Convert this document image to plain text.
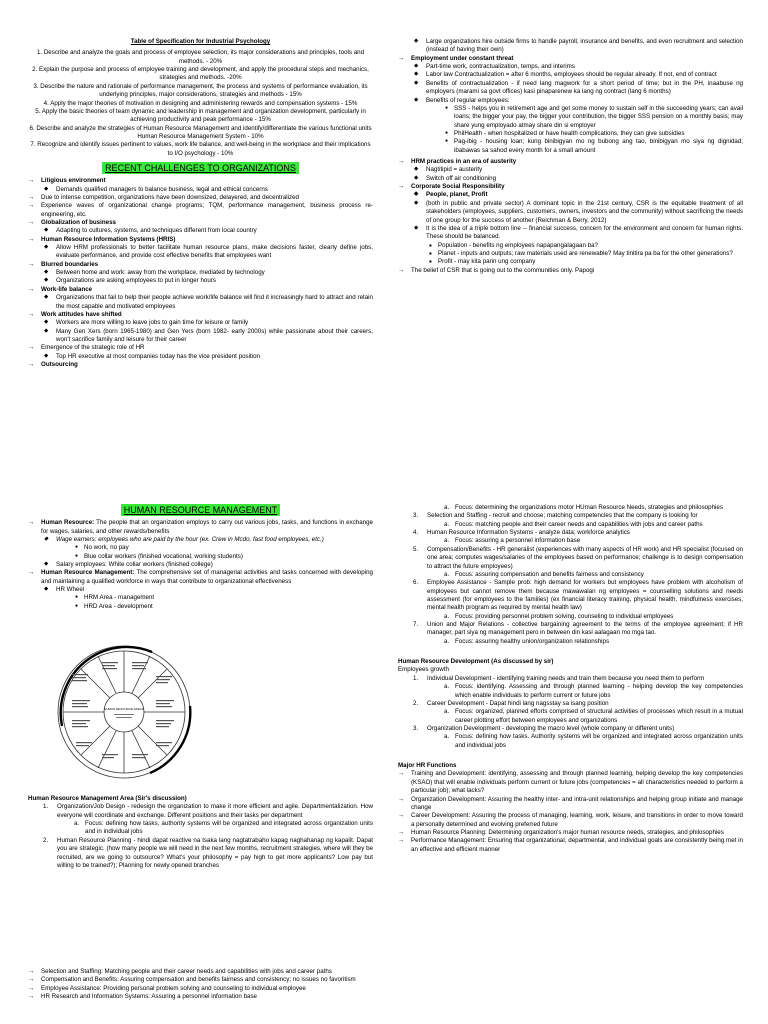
Table of Specification for Industrial Psychology
1. Describe and analyze the goals and process of employee selection, its major considerations and principles, tools and methods. - 20%
2. Explain the purpose and process of employee training and development, and apply the procedural steps and mechanics, strategies and methods. -20%
3. Describe the nature and rationale of performance management, the process and systems of performance evaluation, its underlying principles, major considerations, strategies and methods - 15%
4. Apply the major theories of motivation in designing and administering rewards and compensation systems - 15%
5. Apply the basic theories of team dynamic and leadership in management and organization development, particularly in achieving productivity and peak performance - 15%
6. Describe and analyze the strategies of Human Resource Management and identify/differentiate the various functional units Human Resource Management System - 10%
7. Recognize and identify issues pertinent to values, work life balance, and well-being in the workplace and their implications to I/O psychology - 10%
RECENT CHALLENGES TO ORGANIZATIONS
→ Litigious environment
◆ Demands qualified managers to balance business, legal and ethical concerns
→ Due to intense competition, organizations have been downsized, delayered, and decentralized
→ Experience waves of organizational change programs; TQM, performance management, business process re-engineering, etc.
→ Globalization of business
◆ Adapting to cultures, systems, and techniques different from local country
→ Human Resource Information Systems (HRIS)
◆ Allow HRM professionals to better facilitate human resource plans, make decisions faster, clearly define jobs, evaluate performance, and provide cost effective benefits that employees want
→ Blurred boundaries
◆ Between home and work: away from the workplace, mediated by technology
◆ Organizations are asking employees to put in longer hours
→ Work-life balance
◆ Organizations that fail to help their people achieve work/life balance will find it increasingly hard to attract and retain the most capable and motivated employees
→ Work attitudes have shifted
◆ Workers are more willing to leave jobs to gain time for leisure or family
◆ Many Gen Xers (born 1965-1980) and Gen Yers (born 1982- early 2000s) while passionate about their careers, won't sacrifice family and leisure for their career
→ Emergence of the strategic role of HR
◆ Top HR executive at most companies today has the vice president position
→ Outsourcing
◆ Large organizations hire outside firms to handle payroll, insurance and benefits, and even recruitment and selection (instead of having their own)
→ Employment under constant threat
◆ Part-time work, contractualization, temps, and interims
◆ Labor law Contractualization = after 6 months, employees should be regular already. If not, end of contract
◆ Benefits of contractualization - if need lang magwork for a short period of time; but in the PH, inaabuse ng employers (marami sa govt offices) kasi pinaparenew ka lang ng contract (lang 6 months)
◆ Benefits of regular employees:
● SSS - helps you in retirement age and get some money to sustain self in the succeeding years; can avail loans; the bigger your pay, the bigger your contribution, the bigger SSS pension on a monthly basis; may share yung employado atmay share din si employer
● PhilHealth - when hospitalized or have health complications, they can give subsidies
● Pag-ibig - housing loan; kung binibigyan mo ng bubong ang tao, binibigyan mo siya ng dignidad; ibabawas sa sahod every month for a small amount
→ HRM practices in an era of austerity
◆ Nagtitipid = austerity
◆ Switch off air conditioning
→ Corporate Social Responsibility
◆ People, planet, Profit
◆ (both in public and private sector) A dominant topic in the 21st century, CSR is the equitable treatment of all stakeholders (employees, suppliers, customers, owners, investors and the community) without sacrificing the needs of one group for the success of another (Reichman & Berry, 2012)
◆ It is the idea of a triple bottom line -- financial success, concern for the environment and concern for human rights. These should be balanced.
▪ Population - benefits ng employees napapangalagaan ba?
▪ Planet - inputs and outputs; raw materials used are renewable? May tinitira pa ba for the other generations?
▪ Profit - may kita parin ung company
→ The belief of CSR that is going out to the communities only. Papogi
HUMAN RESOURCE MANAGEMENT
→ Human Resource: The people that an organization employs to carry out various jobs, tasks, and functions in exchange for wages, salaries, and other rewards/benefits
◆ Wage earners: employees who are paid by the hour (ex. Crew in Mcdo, fast food employees, etc.)
● No work, no pay
● Blue collar workers (finished vocational, working students)
◆ Salary employees: White collar workers (finished college)
→ Human Resource Management: The comprehensive set of managerial activities and tasks concerned with developing and maintaining a qualified workforce in ways that contribute to organizational effectiveness
◆ HR Wheel
● HRM Area - management
● HRD Area - development
HUMAN RESOURCE AREAS
Human Resource Management Area (Sir's discussion)
1. Organization/Job Design - redesign the organization to make it more efficient and agile. Departmentalization. How everyone will coordinate and exchange. Different positions and their tasks per department
a. Focus: defining how tasks, authority systems will be organized and integrated across organization units and in individual jobs
2. Human Resource Planning - hindi dapat reactive na tsaka lang nagtatrabaho kapag naghahanap ng kapalit. Dapat you are strategic. (how many people we will need in the next few months, recruitment strategies, where will they be recruited, are we going to outsource? What's your philosophy = pay high to get more applicants? Low pay but willing to be trained?); Planning for newly opened branches
a. Focus: determining the organizations motor HUman Resource Needs, strategies and philosophies
3. Selection and Staffing - recruit and choose; matching competencies that the company is looking for
a. Focus: matching people and their career needs and capabilities with jobs and career paths
4. Human Resource Information Systems - analyze data; workforce analytics
a. Focus: assuring a personnel information base
5. Compensation/Benefits - HR generalist (experiences with many aspects of HR work) and HR specialist (focused on one area; computes wages/salaries of the employees based on performance; challenge is to design compensation to attract the future employees)
a. Focus: assuring compensation and benefits fairness and consistency
6. Employee Assistance - Sample prob: high demand for workers but employees have problem with alcoholism of employees but cannot remove them because mawawalan ng employees = counselling solutions and needs assessment (for employees to the families) (ex financial literacy training, physical health, mindfulness exercises, mental health program as required by mental health law)
a. Focus: providing personnel problem solving, counseling to individual employees
7. Union and Major Relations - collective bargaining agreement to the terms of the employee agreement; if HR manager, part siya ng management pero in between din kasi aalagaan mo mga tao.
a. Focus: assuring healthy union/organization relationships
Human Resource Development (As discussed by sir)
Employees growth
1. Individual Development - identifying training needs and train them because you need them to perform
a. Focus: identifying. Assessing and through planned learning - helping develop the key competencies which enable individuals to perform current or future jobs
2. Career Development - Dapat hindi lang nagsstay sa isang position
a. Focus: organized, planned efforts comprised of structural activities of processes which result in a mutual career plotting effort between employees and organizations
3. Organization Development - developing the macro level (whole company or different units)
a. Focus: defining how tasks. Authority systems will be organized and integrated across organization units and individual jobs
Major HR Functions
→ Training and Development: identifying, assessing and through planned learning, helping develop the key competencies (KSAO) that will enable individuals perform current or future jobs (competencies = all characteristics needed to perform a particular job); what lacks?
→ Organization Development: Assuring the healthy inter- and intra-unit relationships and helping group initiate and manage change
→ Career Development: Assuring the process of managing, learning, work, leisure, and transitions in order to move toward a personally determined and evolving preferred future
→ Human Resource Planning: Determining organization's major human resource needs, strategies, and philosophies
→ Performance Management: Ensuring that organizational, departmental, and individual goals are consistently being met in an effective and efficient manner
→ Selection and Staffing: Matching people and their career needs and capabilities with jobs and career paths
→ Compensation and Benefits: Assuring compensation and benefits fairness and consistency; no issues no favoritism
→ Employee Assistance: Providing personal problem solving and counseling to individual employee
→ HR Research and Information Systems: Assuring a personnel information base
